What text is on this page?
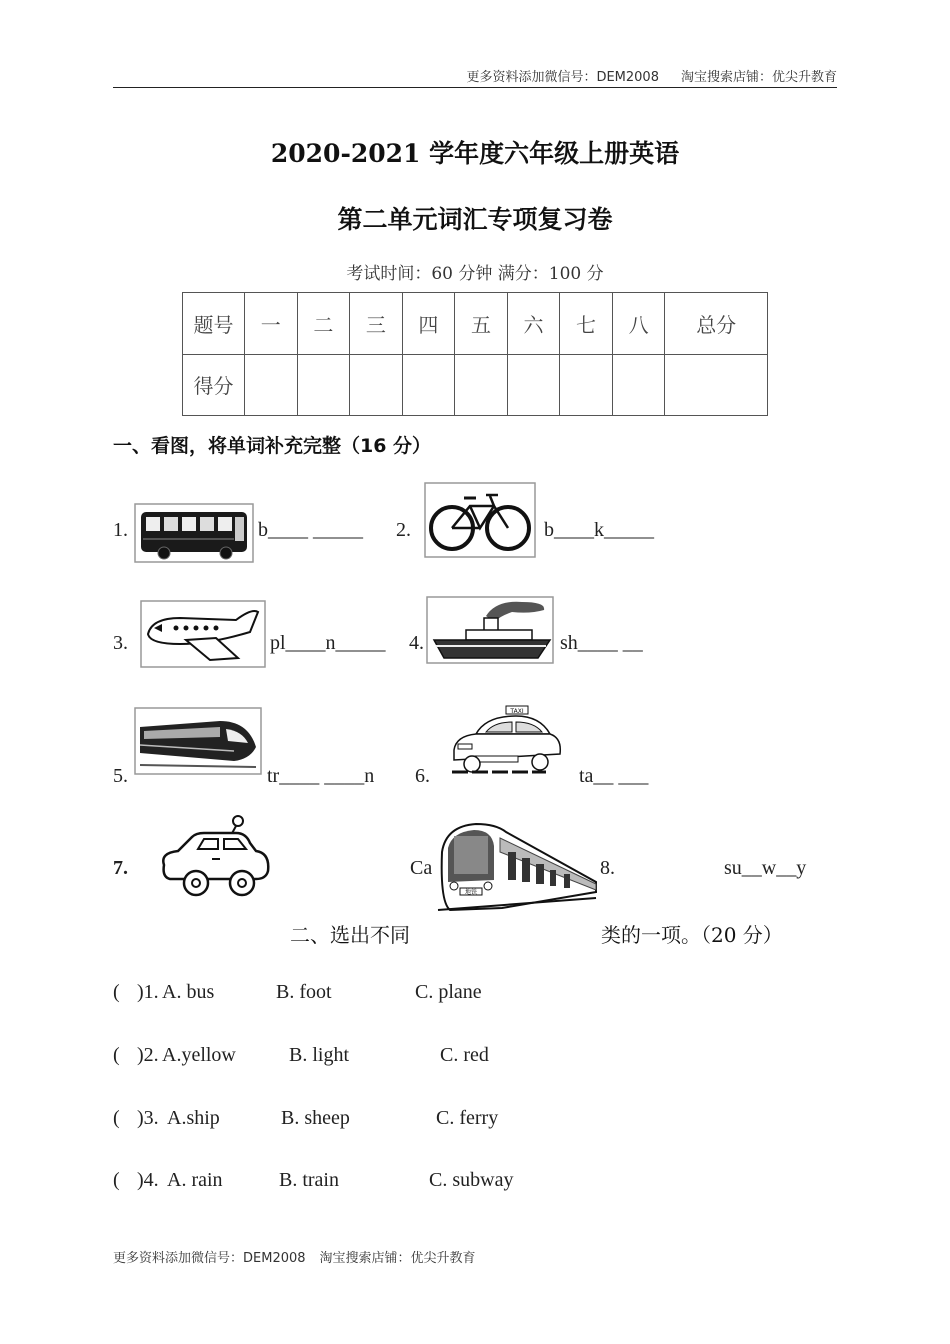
更多资料添加微信号：DEM2008 淘宝搜索店铺：优尖升教育
2020-2021 学年度六年级上册英语
第二单元词汇专项复习卷
考试时间：60 分钟 满分：100 分
题号	一	二	三	四	五	六	七	八	总分
得分									
一、看图，将单词补充完整（16 分）
1.	b____ _____ 2.	b____k_____
3.	pl____n_____ 4.	sh____ __
5.	tr____ ____n 6.
TAXI
ta__ ___
7.	Ca
地铁
8.	su__w__y
二、选出不同	类的一项。（20 分）
( )1. A. bus	B. foot	C. plane
( )2. A.yellow	B. light	C. red
( )3. A.ship	B. sheep	C. ferry
( )4. A. rain	B. train	C. subway
更多资料添加微信号：DEM2008 淘宝搜索店铺：优尖升教育
